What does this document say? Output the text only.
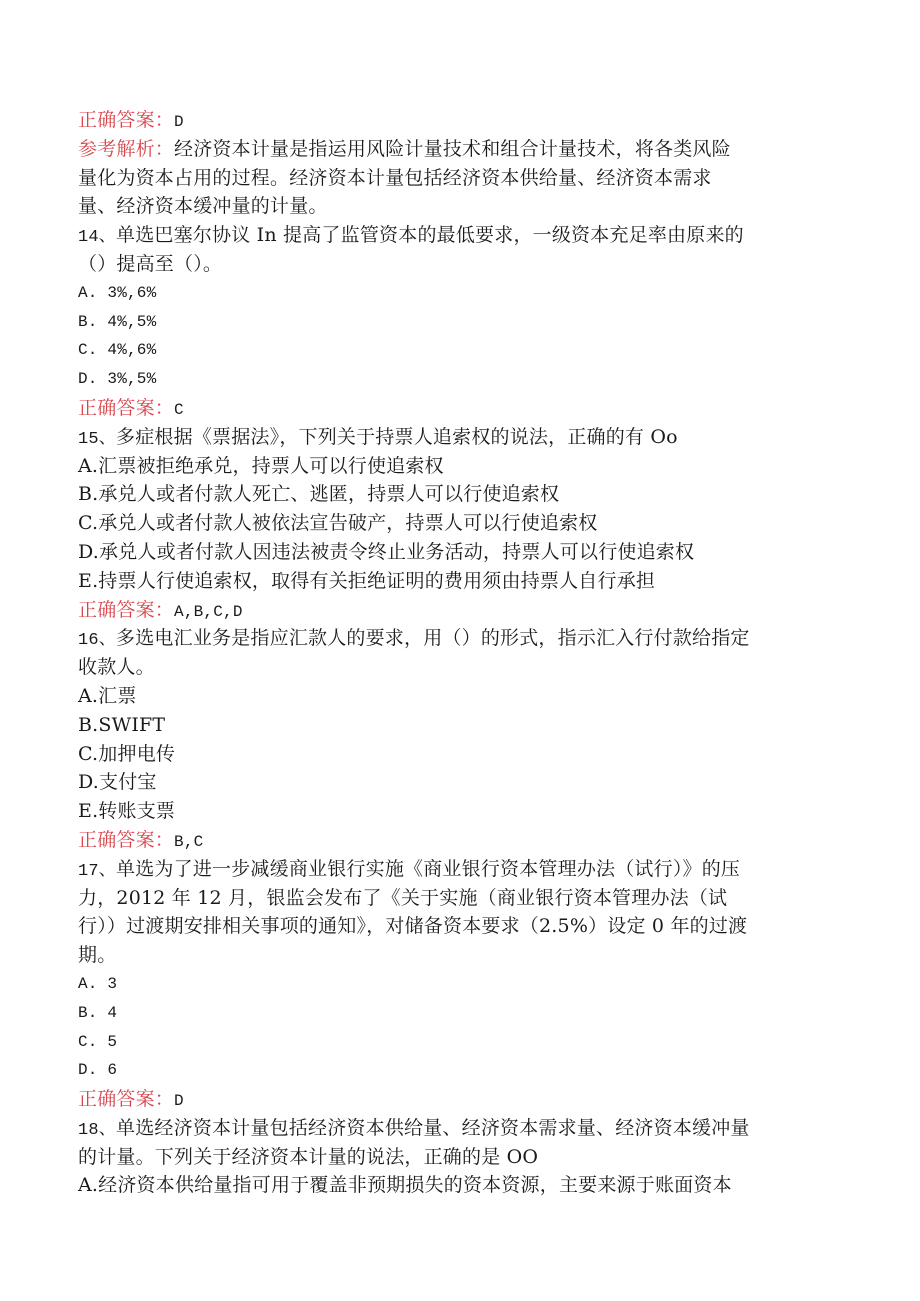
正确答案：D
参考解析：经济资本计量是指运用风险计量技术和组合计量技术，将各类风险
量化为资本占用的过程。经济资本计量包括经济资本供给量、经济资本需求
量、经济资本缓冲量的计量。
14、单选巴塞尔协议 In 提高了监管资本的最低要求，一级资本充足率由原来的
（）提高至（）。
A. 3%,6%
B. 4%,5%
C. 4%,6%
D. 3%,5%
正确答案：C
15、多症根据《票据法》，下列关于持票人追索权的说法，正确的有 Oo
A.汇票被拒绝承兑，持票人可以行使追索权
B.承兑人或者付款人死亡、逃匿，持票人可以行使追索权
C.承兑人或者付款人被依法宣告破产，持票人可以行使追索权
D.承兑人或者付款人因违法被责令终止业务活动，持票人可以行使追索权
E.持票人行使追索权，取得有关拒绝证明的费用须由持票人自行承担
正确答案：A,B,C,D
16、多选电汇业务是指应汇款人的要求，用（）的形式，指示汇入行付款给指定
收款人。
A.汇票
B.SWIFT
C.加押电传
D.支付宝
E.转账支票
正确答案：B,C
17、单选为了进一步减缓商业银行实施《商业银行资本管理办法（试行）》的压
力，2012 年 12 月，银监会发布了《关于实施（商业银行资本管理办法（试
行））过渡期安排相关事项的通知》，对储备资本要求（2.5%）设定 0 年的过渡
期。
A. 3
B. 4
C. 5
D. 6
正确答案：D
18、单选经济资本计量包括经济资本供给量、经济资本需求量、经济资本缓冲量
的计量。下列关于经济资本计量的说法，正确的是 OO
A.经济资本供给量指可用于覆盖非预期损失的资本资源，主要来源于账面资本
